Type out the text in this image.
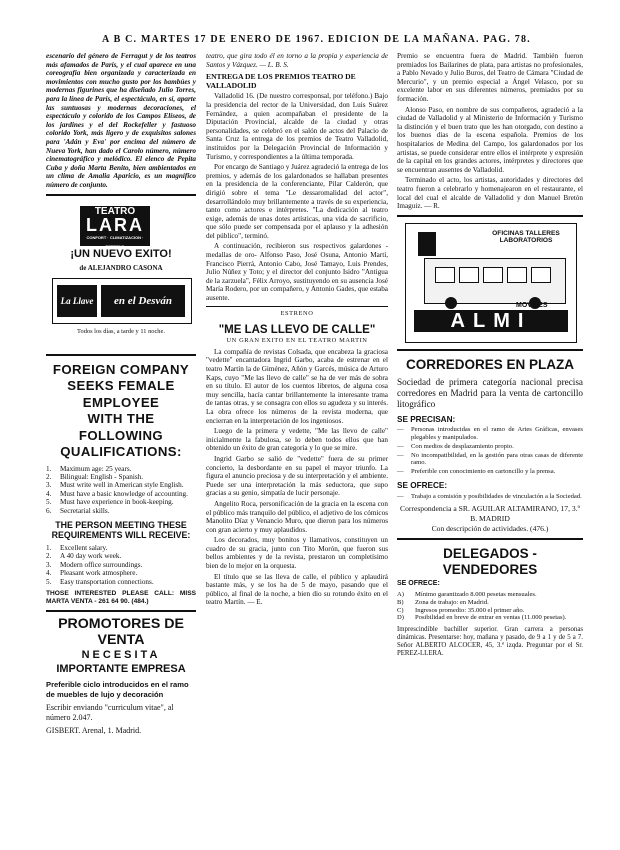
A B C. MARTES 17 DE ENERO DE 1967. EDICION DE LA MAÑANA. PAG. 78.

escenario del género de Ferragut y de los teatros más afamados de París, y el cual aparece en una coreografía bien organizada y caracterizada en movimientos con mucho gusto por los bambúes y modernas figurines que ha diseñado Julio Torres, para la línea de París, el espectáculo, en sí, aparte las suntuosas y modernas decoraciones, el espectáculo y colorido de los Campos Elíseos, de los jardines y el del Rockefeller y fastuoso colorido York, más ligero y de exquisitos salones para 'Adán y Eva' por encima del número de Nueva York, han dado el Carolo número, número cinematográfico y melódico. El elenco de Pepita Cuba y doña Marta Benito, bien ambientados en un clima de Amalia Aparicio, es un magnífico número de conjunto.

TEATRO
LARA
CONFORT · CLIMATIZACION · ESTRENO
¡UN NUEVO EXITO!
de ALEJANDRO CASONA
La Llave	en el Desván
Todos los días, a tarde y 11 noche.
FOREIGN COMPANY
SEEKS FEMALE EMPLOYEE
WITH THE FOLLOWING
QUALIFICATIONS:
1.	Maximum age: 25 years.
2.	Bilingual: English - Spanish.
3.	Must write well in American style English.
4.	Must have a basic knowledge of accounting.
5.	Must have experience in book-keeping.
6.	Secretarial skills.
THE PERSON MEETING THESE
REQUIREMENTS WILL RECEIVE:
1.	Excellent salary.
2.	A 40 day work week.
3.	Modern office surroundings.
4.	Pleasant work atmosphere.
5.	Easy transportation connections.
THOSE INTERESTED PLEASE CALL: MISS MARTA VENTA - 261 64 90. (484.)
PROMOTORES DE VENTA
NECESITA
IMPORTANTE EMPRESA
Preferible ciclo introducidos en el ramo de muebles de lujo y decoración
Escribir enviando "curriculum vitae", al número 2.047.
GISBERT. Arenal, 1. Madrid.

teatro, que gira todo él en torno a la propia y experiencia de Santos y Vázquez. — L. B. S.

ENTREGA DE LOS PREMIOS TEATRO DE VALLADOLID

Valladolid 16. (De nuestro corresponsal, por teléfono.) Bajo la presidencia del rector de la Universidad, don Luis Suárez Fernández, a quien acompañaban el presidente de la Diputación Provincial, alcalde de la ciudad y otras personalidades, se celebró en el salón de actos del Palacio de Santa Cruz la entrega de los premios de Teatro Valladolid, instituidos por la Delegación Provincial de Información y Turismo, y correspondientes a la última temporada.

Por encargo de Santiago y Juárez agradeció la entrega de los premios, y además de los galardonados se hallaban presentes en la presidencia de la conferenciante, Pilar Calderón, que dirigió sobre el tema "Le dessaromalidad del actor", desarrollándolo muy brillantemente a través de su experiencia, tanto como actores e intérpretes. "La dedicación al teatro exige, además de unas dotes artísticas, una vida de sacrificio, que sólo puede ser compensada por el aplauso y la adhesión del público", terminó.

A continuación, recibieron sus respectivos galardones -medallas de oro- Alfonso Paso, José Osuna, Antonio Martí, Francisco Pierrá, Antonio Cabo, José Tamayo, Luis Prendes, Julio Núñez y Toto; y el director del conjunto Isidro "Antigua de la zarzuela", Félix Arroyo, sustituyendo en su ausencia José María Rodero, por un compañero, y Antonio Gades, que estaba ausente.

ESTRENO
"ME LAS LLEVO DE CALLE"
UN GRAN EXITO EN EL TEATRO MARTIN

La compañía de revistas Colsada, que encabeza la graciosa "vedette" encantadora Ingrid Garbo, acaba de estrenar en el teatro Martín la de Giménez, Añón y Garcés, música de Arturo Kaps, cuyo "Me las llevo de calle" se ha de ver más de sobra en su título. El autor de los cuentos libretos, de alguna cosa muy sencilla, hacía cantar brillantemente la interesante trama de tantas otras, y se consagra con ellos su agudeza y su interés. La obra ofrece los números de la revista moderna, que encierran en la interpretación de los ingeniosos.

Luego de la primera y vedette, "Me las llevo de calle" inicialmente la fabulosa, se lo deben todos ellos que han obtenido un éxito de gran categoría y lo que se mire.

Ingrid Garbo se salió de "vedette" fuera de su primer concierto, la desbordante en su papel el mayor triunfo. La figura el anuncio preciosa y de su interpretación y el ambiente. Puede ser una interpretación la más seductora, que supo gracias a su genio, simpatía de lucir personaje.

Angelito Roca, personificación de la gracia en la escena con el público más tranquilo del público, el adjetivo de los cómicos Manolito Díaz y Venancio Muro, que dieron para los números con gran acierto y muy aplaudidos.

Los decorados, muy bonitos y llamativos, constituyen un cuadro de su gracia, junto con Tito Morón, que fueron sus bellos ambientes y de la revista, prestaron un completísimo bien de lo mejor en la orquesta.

El título que se las lleva de calle, el público y aplaudirá bastante más, y se los ha de 5 de mayo, pasando que el público, al final de la noche, a bien dio su rotundo éxito en el teatro Martín. — E.

Premio se encuentra fuera de Madrid. También fueron premiados los Bailarines de plata, para artistas no profesionales, a Pablo Nevado y Julio Buros, del Teatro de Cámara "Ciudad de Mercurio", y un premio especial a Ángel Velasco, por su excelente labor en sus diferentes números, premiados por su formación.

Alonso Paso, en nombre de sus compañeros, agradeció a la ciudad de Valladolid y al Ministerio de Información y Turismo la distinción y el buen trato que les han otorgado, con destino a los buenos días de la escena española. Premios de los hospitalarios de Medina del Campo, los galardonados por los artistas, se puede considerar entre ellos el intérprete y expresión de la capital en los grandes actores, intérpretes y directores que se encuentran ausentes de Valladolid.

Terminado el acto, los artistas, autoridades y directores del teatro fueron a celebrarlo y homenajearon en el restaurante, el local del cual el alcalde de Valladolid y don Manuel Bretón Imaguiz. — R.

OFICINAS TALLERES LABORATORIOS
MOVILES
ALMI
CORREDORES EN PLAZA
Sociedad de primera categoría nacional precisa corredores en Madrid para la venta de cartoncillo litográfico
SE PRECISAN:
—	Personas introducidas en el ramo de Artes Gráficas, envases plegables y manipulados.
—	Con medios de desplazamiento propio.
—	No incompatibilidad, en la gestión para otras casas de diferente ramo.
—	Preferible con conocimiento en cartoncillo y la prensa.
SE OFRECE:
—	Trabajo a comisión y posibilidades de vinculación a la Sociedad.
Correspondencia a SR. AGUILAR ALTAMIRANO, 17, 3.º B. MADRID
Con descripción de actividades. (476.)
DELEGADOS - VENDEDORES
SE OFRECE:
A)	Mínimo garantizado 8.000 pesetas mensuales.
B)	Zona de trabajo: en Madrid.
C)	Ingresos promedio: 35.000 el primer año.
D)	Posibilidad en breve de entrar en ventas (11.000 pesetas).
Imprescindible bachiller superior. Gran carrera a personas dinámicas. Presentarse: hoy, mañana y pasado, de 9 a 1 y de 5 a 7. Señor ALBERTO ALCOCER, 45, 3.ª izqda. Preguntar por el Sr. PEREZ-LLERA.
